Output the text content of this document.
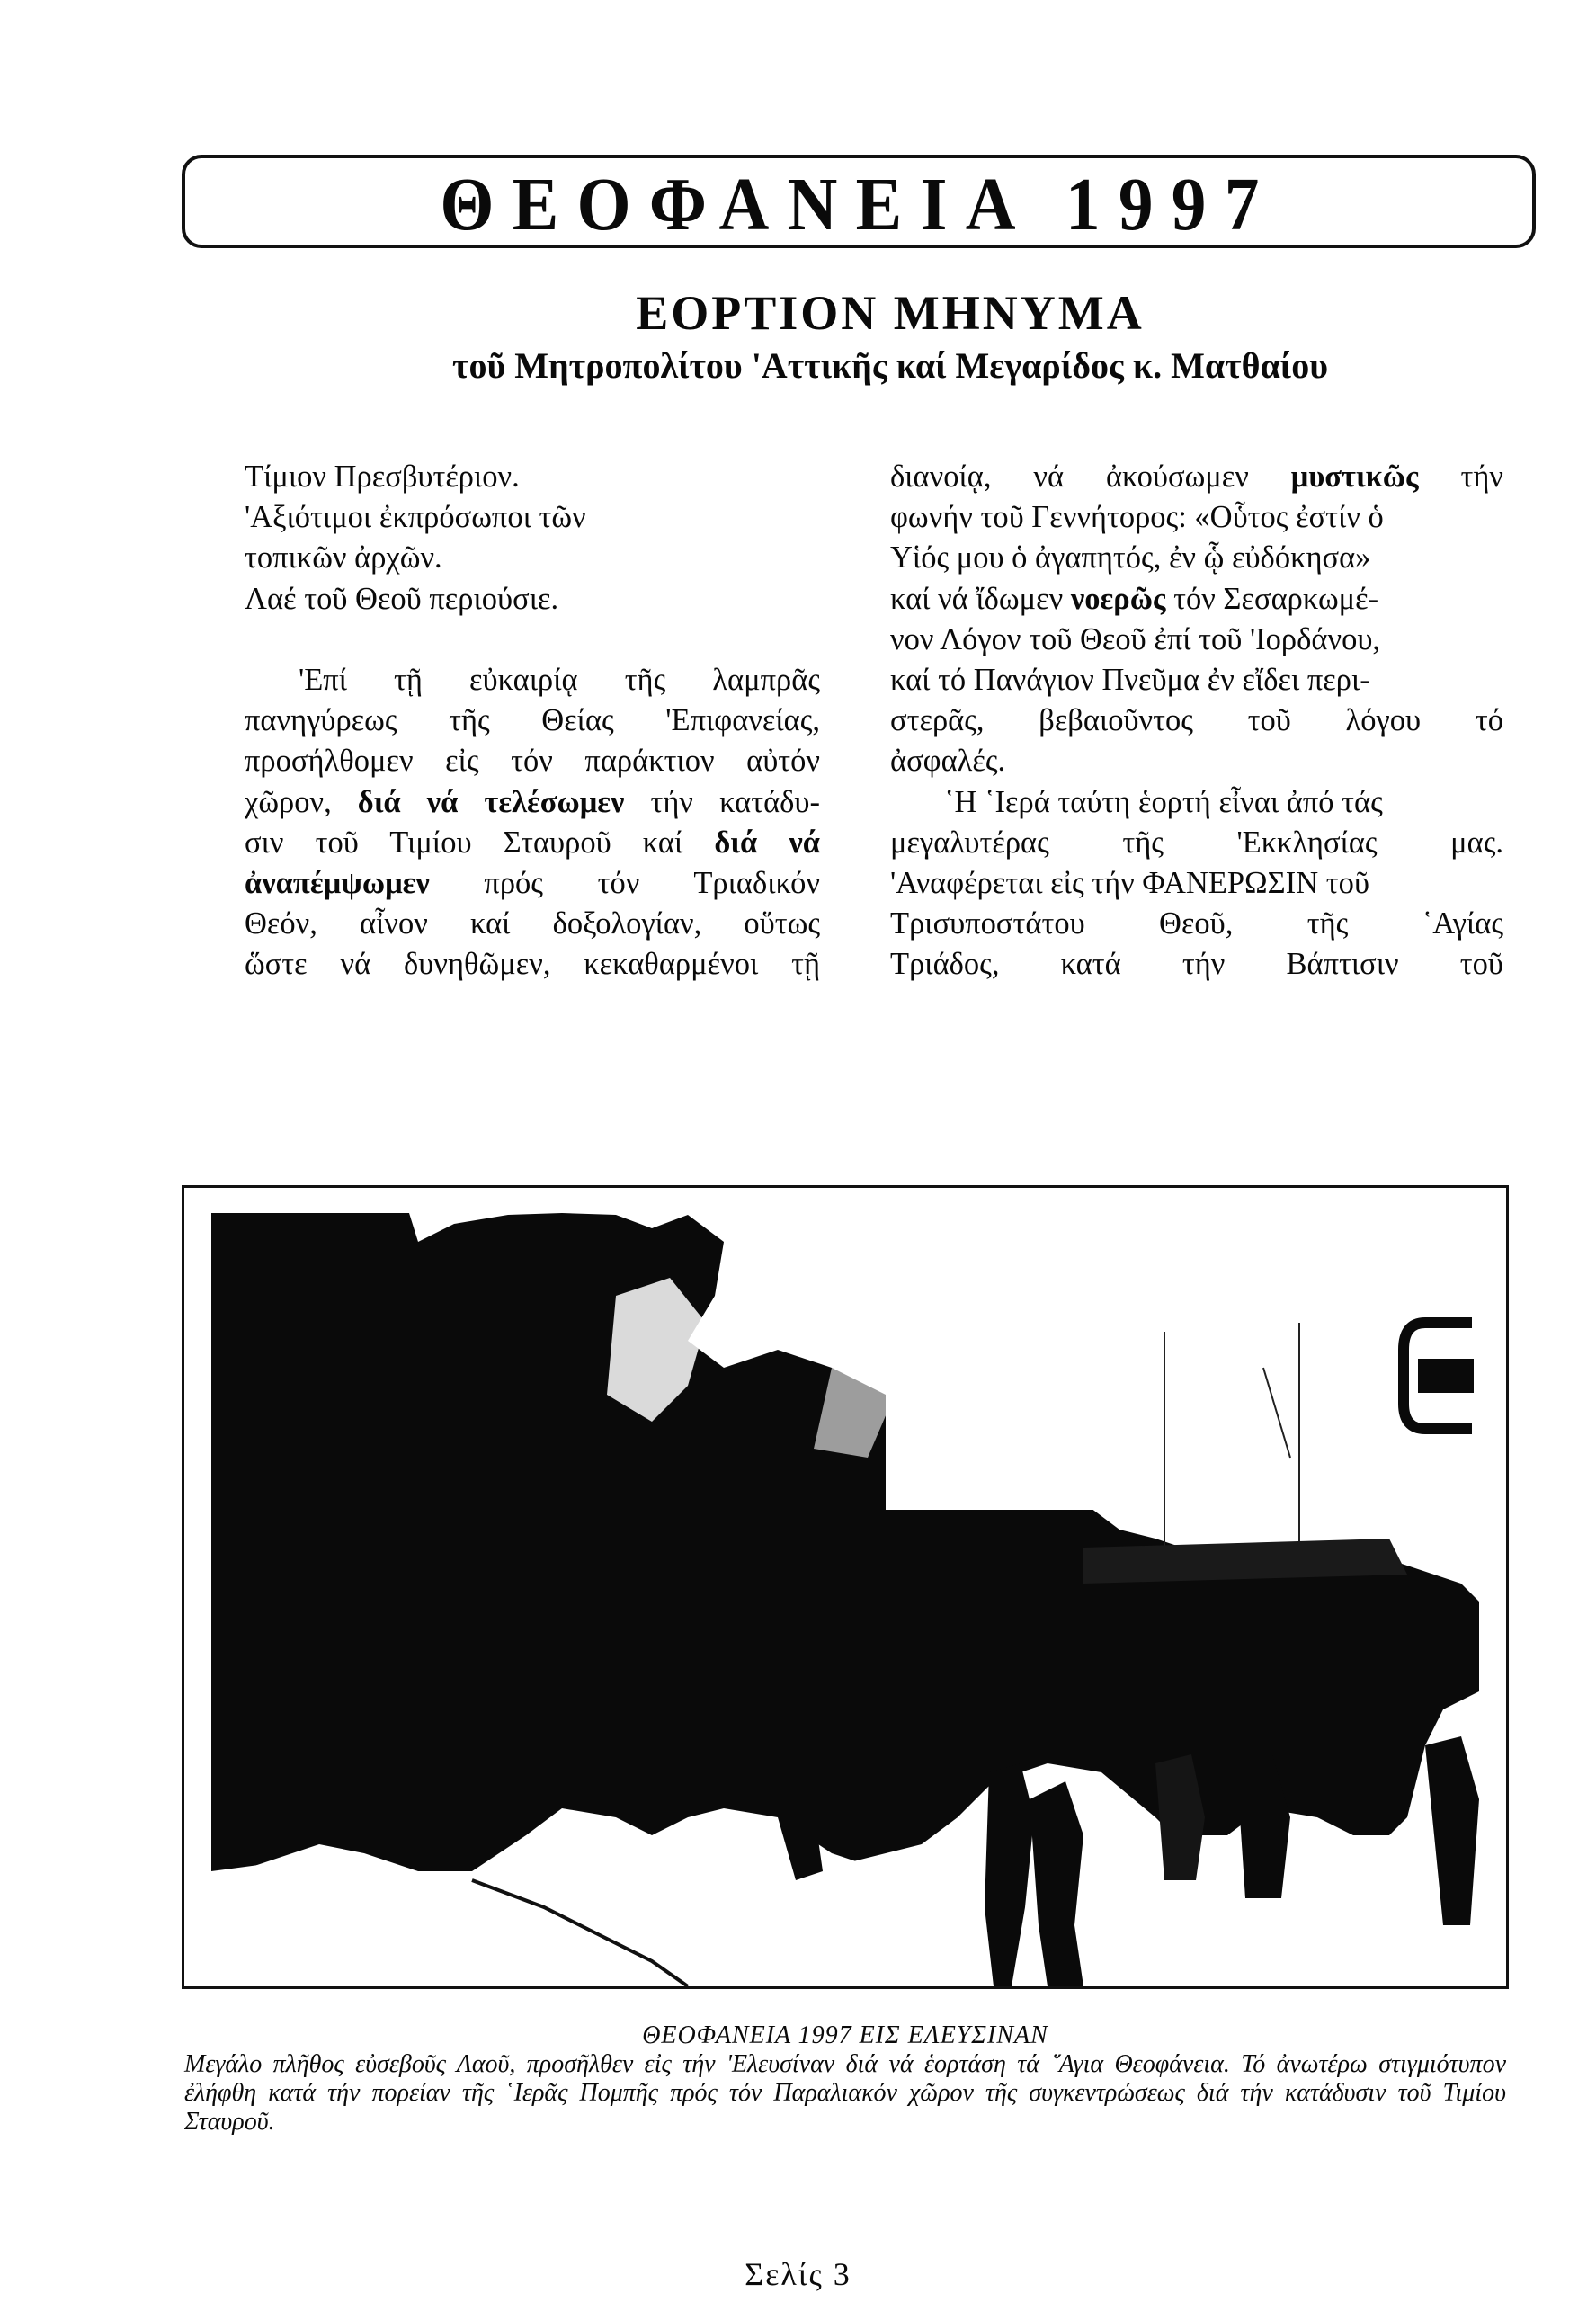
ΘΕΟΦΑΝΕΙΑ 1997
ΕΟΡΤΙΟΝ ΜΗΝΥΜΑ
τοῦ Μητροπολίτου 'Αττικῆς καί Μεγαρίδος κ. Ματθαίου
Τίμιον Πρεσβυτέριον.
'Αξιότιμοι ἐκπρόσωποι τῶν
τοπικῶν ἀρχῶν.
Λαέ τοῦ Θεοῦ περιούσιε.
'Επί τῇ εὐκαιρίᾳ τῆς λαμπρᾶς
πανηγύρεως τῆς Θείας 'Επιφανείας,
προσήλθομεν εἰς τόν παράκτιον αὐτόν
χῶρον, διά νά τελέσωμεν τήν κατάδυ-
σιν τοῦ Τιμίου Σταυροῦ καί διά νά
ἀναπέμψωμεν πρός τόν Τριαδικόν
Θεόν, αἶνον καί δοξολογίαν, οὕτως
ὥστε νά δυνηθῶμεν, κεκαθαρμένοι τῇ
διανοίᾳ, νά ἀκούσωμεν μυστικῶς τήν
φωνήν τοῦ Γεννήτορος: «Οὗτος ἐστίν ὁ
Υἱός μου ὁ ἀγαπητός, ἐν ᾧ εὐδόκησα»
καί νά ἴδωμεν νοερῶς τόν Σεσαρκωμέ-
νον Λόγον τοῦ Θεοῦ ἐπί τοῦ 'Ιορδάνου,
καί τό Πανάγιον Πνεῦμα ἐν εἴδει περι-
στερᾶς, βεβαιοῦντος τοῦ λόγου τό
ἀσφαλές.
῾Η ῾Ιερά ταύτη ἑορτή εἶναι ἀπό τάς
μεγαλυτέρας τῆς 'Εκκλησίας μας.
'Αναφέρεται εἰς τήν ΦΑΝΕΡΩΣΙΝ τοῦ
Τρισυποστάτου Θεοῦ, τῆς ῾Αγίας
Τριάδος, κατά τήν Βάπτισιν τοῦ
ΘΕΟΦΑΝΕΙΑ 1997 ΕΙΣ ΕΛΕΥΣΙΝΑΝ
Μεγάλο πλῆθος εὐσεβοῦς Λαοῦ, προσῆλθεν εἰς τήν 'Ελευσίναν διά νά ἑορτάση τά ῞Αγια Θεοφάνεια. Τό ἀνωτέρω στιγμιότυπον ἐλήφθη κατά τήν πορείαν τῆς ῾Ιερᾶς Πομπῆς πρός τόν Παραλιακόν χῶρον τῆς συγκεντρώσεως διά τήν κατάδυσιν τοῦ Τιμίου Σταυροῦ.
Σελίς 3
